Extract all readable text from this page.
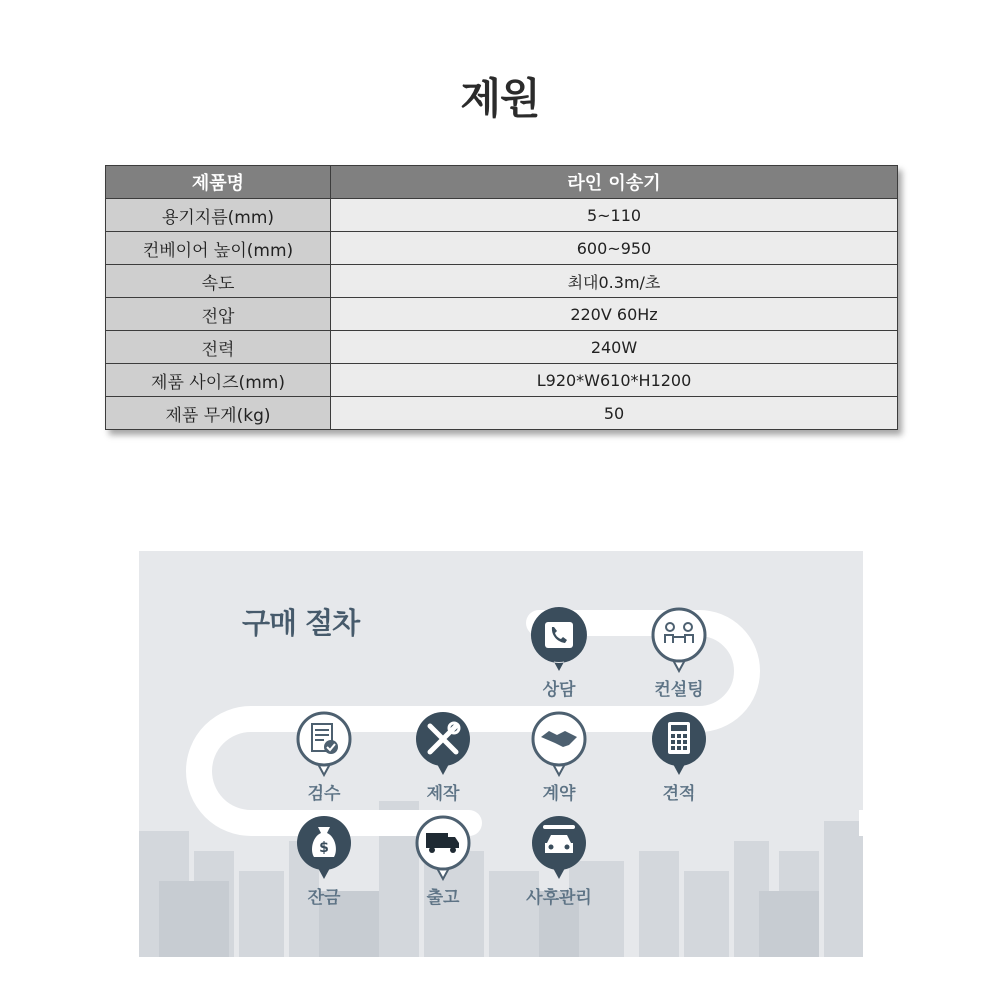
제원
제품명	라인 이송기
용기지름(mm)	5~110
컨베이어 높이(mm)	600~950
속도	최대0.3m/초
전압	220V 60Hz
전력	240W
제품 사이즈(mm)	L920*W610*H1200
제품 무게(kg)	50
구매 절차
상담	컨설팅
견적
계약
제작
검수
$
잔금	출고	사후관리
